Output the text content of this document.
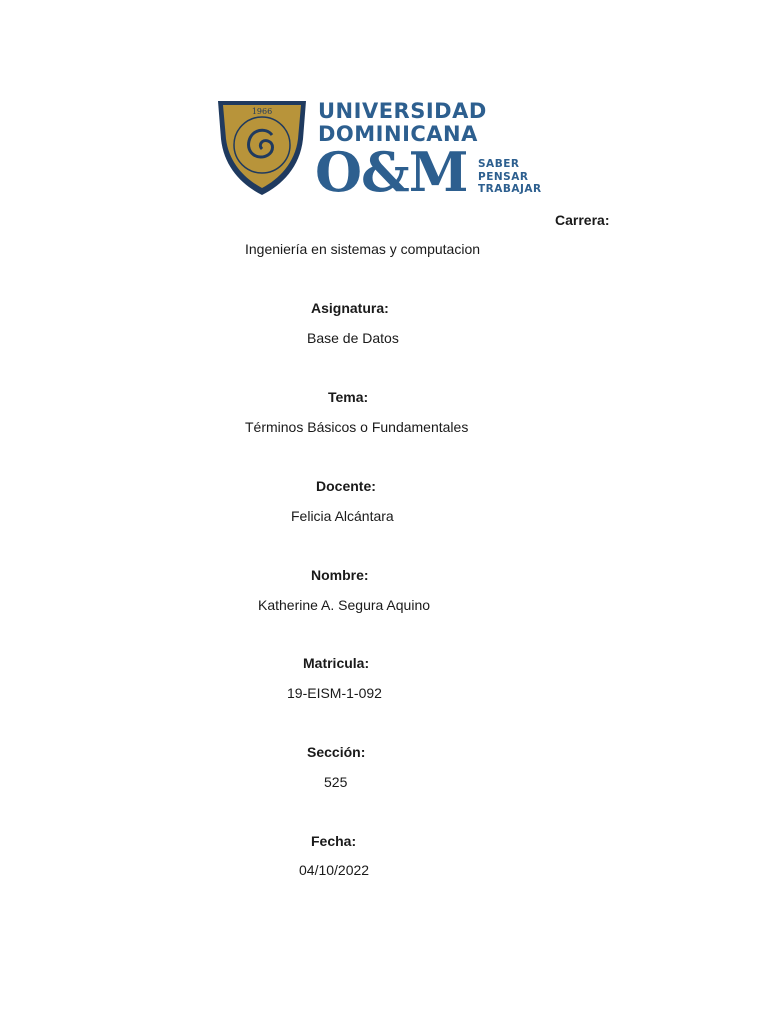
1966 UNIVERSIDAD
DOMINICANA
O&M SABER
PENSAR
TRABAJAR
Carrera:
Ingeniería en sistemas y computacion
Asignatura:
Base de Datos
Tema:
Términos Básicos o Fundamentales
Docente:
Felicia Alcántara
Nombre:
Katherine A. Segura Aquino
Matricula:
19-EISM-1-092
Sección:
525
Fecha:
04/10/2022
